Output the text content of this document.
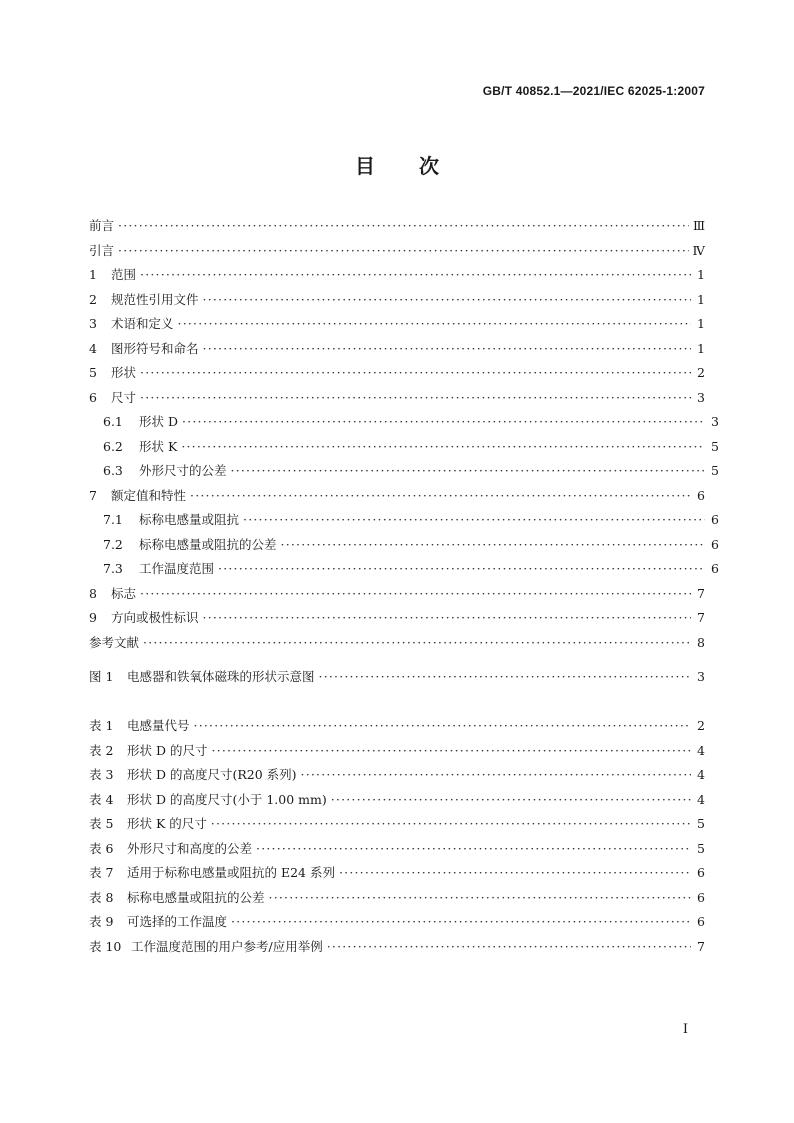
GB/T 40852.1—2021/IEC 62025-1:2007
目 次
前言 ·····	Ⅲ
引言 ·····	Ⅳ
1	范围 ·····	1
2	规范性引用文件 ·····	1
3	术语和定义 ·····	1
4	图形符号和命名 ·····	1
5	形状 ·····	2
6	尺寸 ·····	3
6.1	形状 D ·····	3
6.2	形状 K ·····	5
6.3	外形尺寸的公差 ·····	5
7	额定值和特性 ·····	6
7.1	标称电感量或阻抗 ·····	6
7.2	标称电感量或阻抗的公差 ·····	6
7.3	工作温度范围 ·····	6
8	标志 ·····	7
9	方向或极性标识 ·····	7
参考文献 ·····	8
图 1	电感器和铁氧体磁珠的形状示意图 ·····	3
表 1	电感量代号 ·····	2
表 2	形状 D 的尺寸 ·····	4
表 3	形状 D 的高度尺寸(R20 系列) ·····	4
表 4	形状 D 的高度尺寸(小于 1.00 mm) ·····	4
表 5	形状 K 的尺寸 ·····	5
表 6	外形尺寸和高度的公差 ·····	5
表 7	适用于标称电感量或阻抗的 E24 系列 ·····	6
表 8	标称电感量或阻抗的公差 ·····	6
表 9	可选择的工作温度 ·····	6
表 10 工作温度范围的用户参考/应用举例 ·····	7
I
